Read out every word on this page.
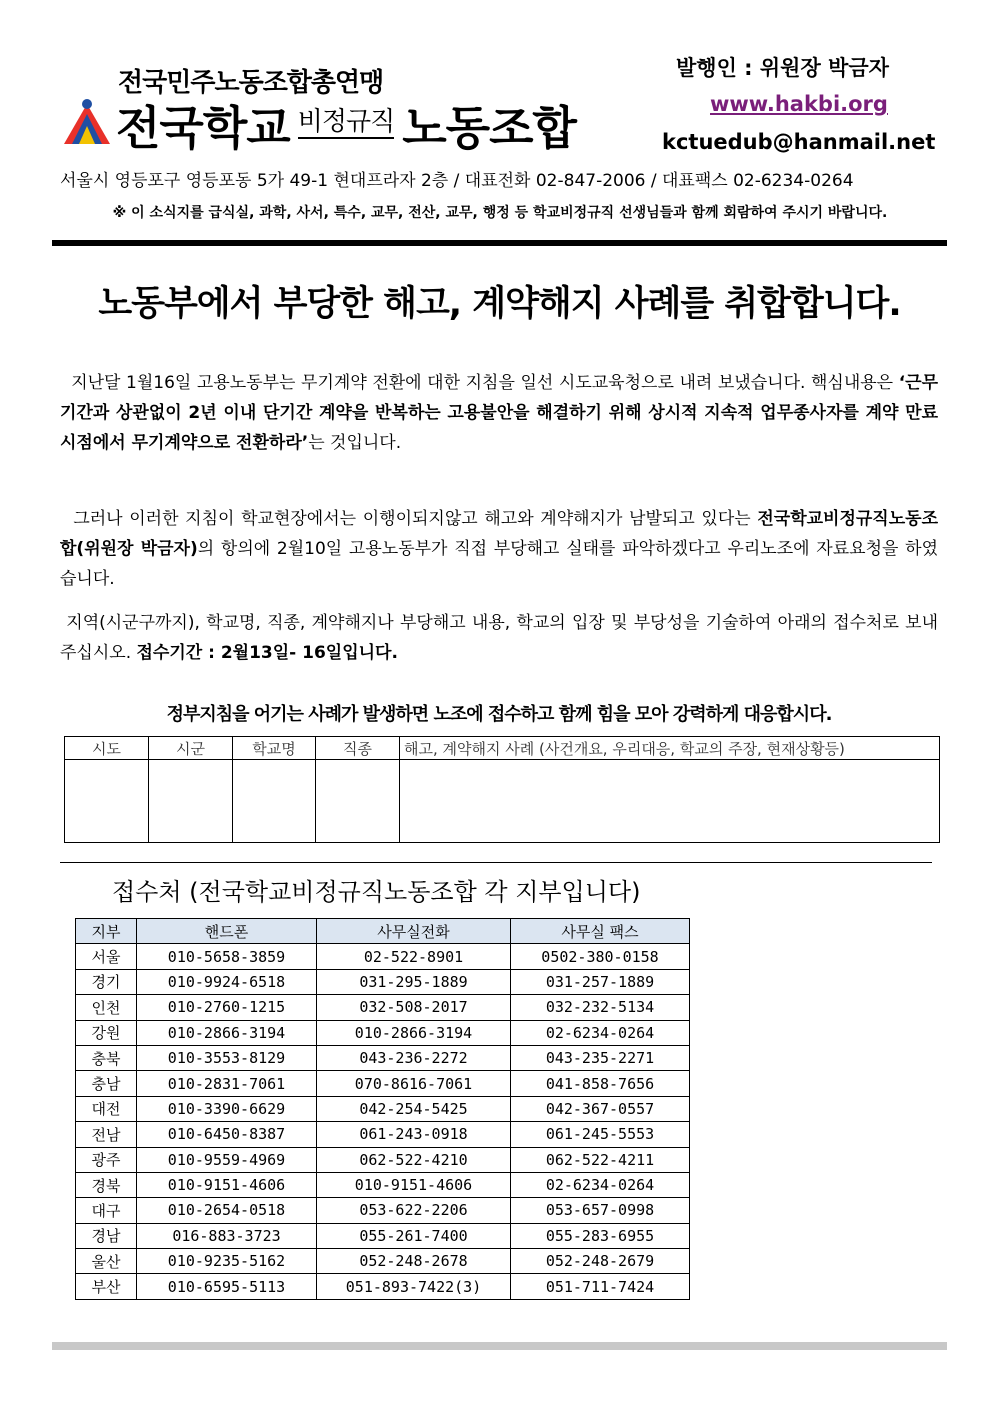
전국민주노동조합총연맹
전국학교 $^{비정규직}$ 노동조합
발행인 : 위원장 박금자
www.hakbi.org
kctuedub@hanmail.net
서울시 영등포구 영등포동 5가 49-1 현대프라자 2층 / 대표전화 02-847-2006 / 대표팩스 02-6234-0264
※ 이 소식지를 급식실, 과학, 사서, 특수, 교무, 전산, 교무, 행정 등 학교비정규직 선생님들과 함께 회람하여 주시기 바랍니다.
노동부에서 부당한 해고, 계약해지 사례를 취합합니다.
지난달 1월16일 고용노동부는 무기계약 전환에 대한 지침을 일선 시도교육청으로 내려 보냈습니다. 핵심내용은 ‘근무기간과 상관없이 2년 이내 단기간 계약을 반복하는 고용불안을 해결하기 위해 상시적 지속적 업무종사자를 계약 만료시점에서 무기계약으로 전환하라’는 것입니다.
그러나 이러한 지침이 학교현장에서는 이행이되지않고 해고와 계약해지가 남발되고 있다는 전국학교비정규직노동조합(위원장 박금자)의 항의에 2월10일 고용노동부가 직접 부당해고 실태를 파악하겠다고 우리노조에 자료요청을 하였습니다.
지역(시군구까지), 학교명, 직종, 계약해지나 부당해고 내용, 학교의 입장 및 부당성을 기술하여 아래의 접수처로 보내주십시오. 접수기간 : 2월13일- 16일입니다.
정부지침을 어기는 사례가 발생하면 노조에 접수하고 함께 힘을 모아 강력하게 대응합시다.
시도	시군	학교명	직종	해고, 계약해지 사례 (사건개요, 우리대응, 학교의 주장, 현재상황등)

접수처 (전국학교비정규직노동조합 각 지부입니다)
지부	핸드폰	사무실전화	사무실 팩스
서울	010-5658-3859	02-522-8901	0502-380-0158
경기	010-9924-6518	031-295-1889	031-257-1889
인천	010-2760-1215	032-508-2017	032-232-5134
강원	010-2866-3194	010-2866-3194	02-6234-0264
충북	010-3553-8129	043-236-2272	043-235-2271
충남	010-2831-7061	070-8616-7061	041-858-7656
대전	010-3390-6629	042-254-5425	042-367-0557
전남	010-6450-8387	061-243-0918	061-245-5553
광주	010-9559-4969	062-522-4210	062-522-4211
경북	010-9151-4606	010-9151-4606	02-6234-0264
대구	010-2654-0518	053-622-2206	053-657-0998
경남	016-883-3723	055-261-7400	055-283-6955
울산	010-9235-5162	052-248-2678	052-248-2679
부산	010-6595-5113	051-893-7422(3)	051-711-7424
